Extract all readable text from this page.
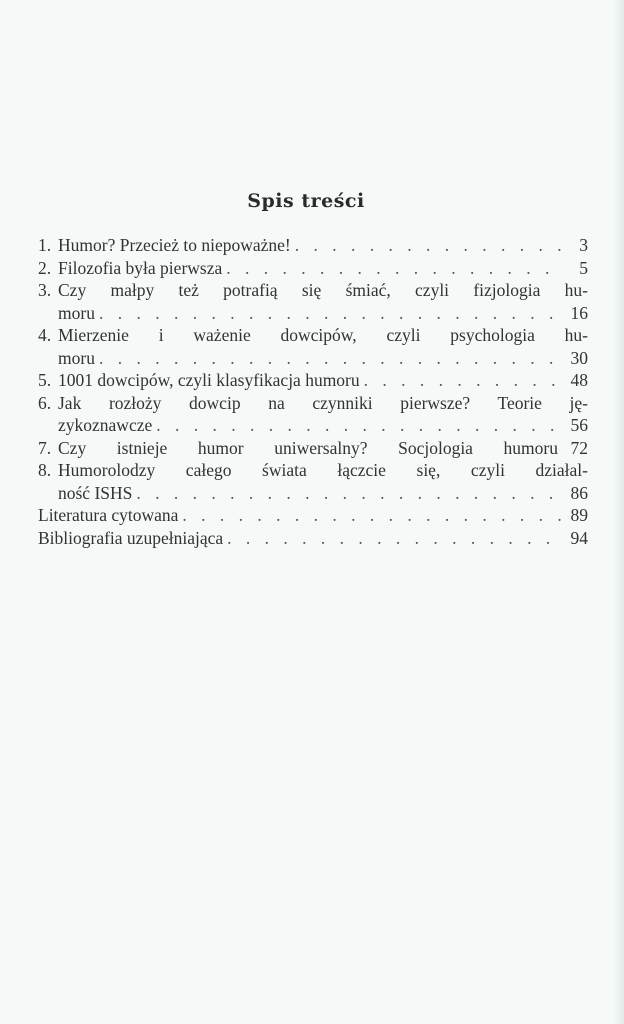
Spis treści
1. Humor? Przecież to niepoważne! . . .	3
2. Filozofia była pierwsza . . .	5
3. Czy małpy też potrafią się śmiać, czyli fizjologia hu-
moru . . .	16
4. Mierzenie i ważenie dowcipów, czyli psychologia hu-
moru . . .	30
5. 1001 dowcipów, czyli klasyfikacja humoru . . .	48
6. Jak rozłoży dowcip na czynniki pierwsze? Teorie ję-
zykoznawcze . . .	56
7. Czy istnieje humor uniwersalny? Socjologia humoru 72
8. Humorolodzy całego świata łączcie się, czyli działal-
ność ISHS . . .	86
Literatura cytowana . . .	89
Bibliografia uzupełniająca . . .	94
